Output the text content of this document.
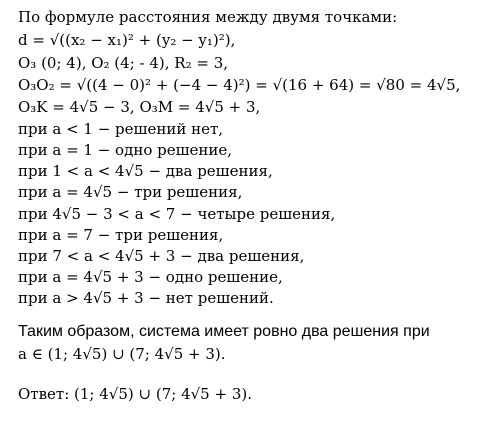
По формуле расстояния между двумя точками:
d = √((x₂ − x₁)² + (y₂ − y₁)²),
O₃ (0; 4), O₂ (4; - 4), R₂ = 3,
O₃O₂ = √((4 − 0)² + (−4 − 4)²) = √(16 + 64) = √80 = 4√5,
O₃K = 4√5 − 3, O₃M = 4√5 + 3,
при a < 1 − решений нет,
при a = 1 − одно решение,
при 1 < a < 4√5 − два решения,
при a = 4√5 − три решения,
при 4√5 − 3 < a < 7 − четыре решения,
при a = 7 − три решения,
при 7 < a < 4√5 + 3 − два решения,
при a = 4√5 + 3 − одно решение,
при a > 4√5 + 3 − нет решений.
Таким образом, система имеет ровно два решения при
a ∈ (1; 4√5) ∪ (7; 4√5 + 3).
Ответ: (1; 4√5) ∪ (7; 4√5 + 3).
